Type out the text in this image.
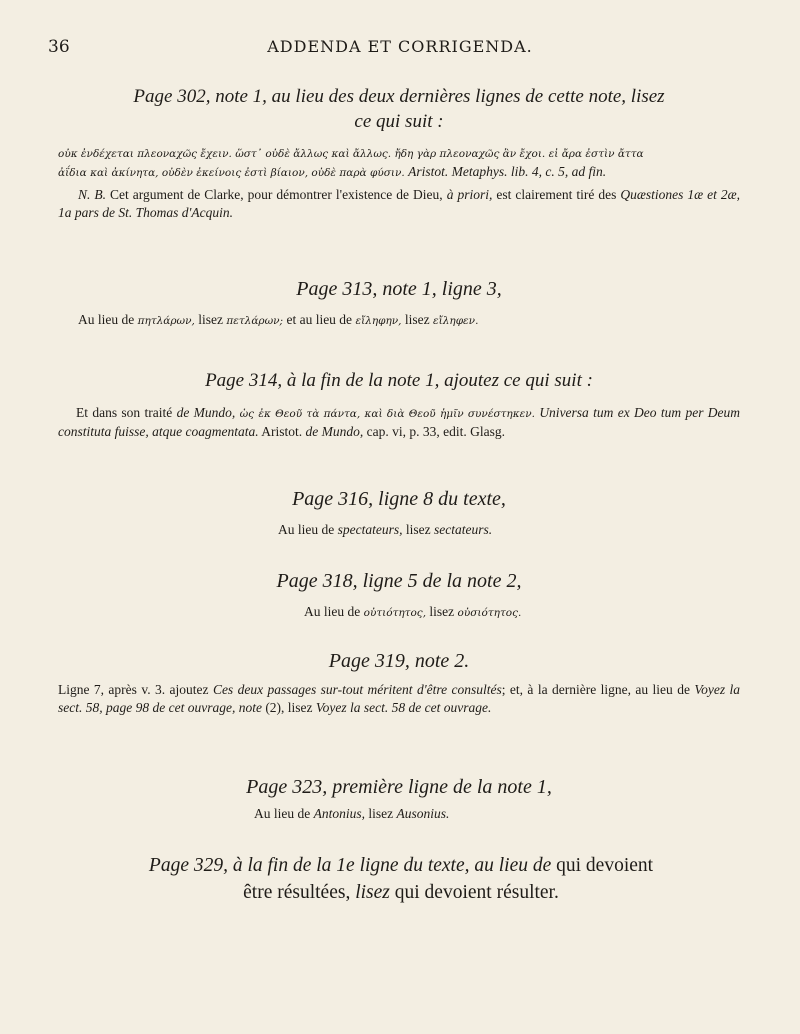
36	ADDENDA ET CORRIGENDA.
Page 302, note 1, au lieu des deux dernières lignes de cette note, lisez
ce qui suit :
οὐκ ἐνδέχεται πλεοναχῶς ἔχειν. ὥστ᾽ οὐδὲ ἄλλως καὶ ἄλλως. ἤδη γὰρ πλεοναχῶς ἂν ἔχοι. εἰ ἄρα ἐστὶν ἄττα
ἀΐδια καὶ ἀκίνητα, οὐδὲν ἐκείνοις ἐστὶ βίαιον, οὐδὲ παρὰ φύσιν. Aristot. Metaphys. lib. 4, c. 5, ad fin.
N. B. Cet argument de Clarke, pour démontrer l'existence de Dieu, à priori, est clairement tiré des Quæstiones 1æ et 2æ, 1a pars de St. Thomas d'Acquin.
Page 313, note 1, ligne 3,
Au lieu de πητλάρων, lisez πετλάρων; et au lieu de εἴληφην, lisez εἴληφεν.
Page 314, à la fin de la note 1, ajoutez ce qui suit :
Et dans son traité de Mundo, ὡς ἐκ Θεοῦ τὰ πάντα, καὶ διὰ Θεοῦ ἡμῖν συνέστηκεν. Universa tum ex Deo tum per Deum constituta fuisse, atque coagmentata. Aristot. de Mundo, cap. vi, p. 33, edit. Glasg.
Page 316, ligne 8 du texte,
Au lieu de spectateurs, lisez sectateurs.
Page 318, ligne 5 de la note 2,
Au lieu de οὐτιότητος, lisez οὐσιότητος.
Page 319, note 2.
Ligne 7, après v. 3. ajoutez Ces deux passages sur-tout méritent d'être consultés; et, à la dernière ligne, au lieu de Voyez la sect. 58, page 98 de cet ouvrage, note (2), lisez Voyez la sect. 58 de cet ouvrage.
Page 323, première ligne de la note 1,
Au lieu de Antonius, lisez Ausonius.
Page 329, à la fin de la 1e ligne du texte, au lieu de qui devoient
être résultées, lisez qui devoient résulter.
